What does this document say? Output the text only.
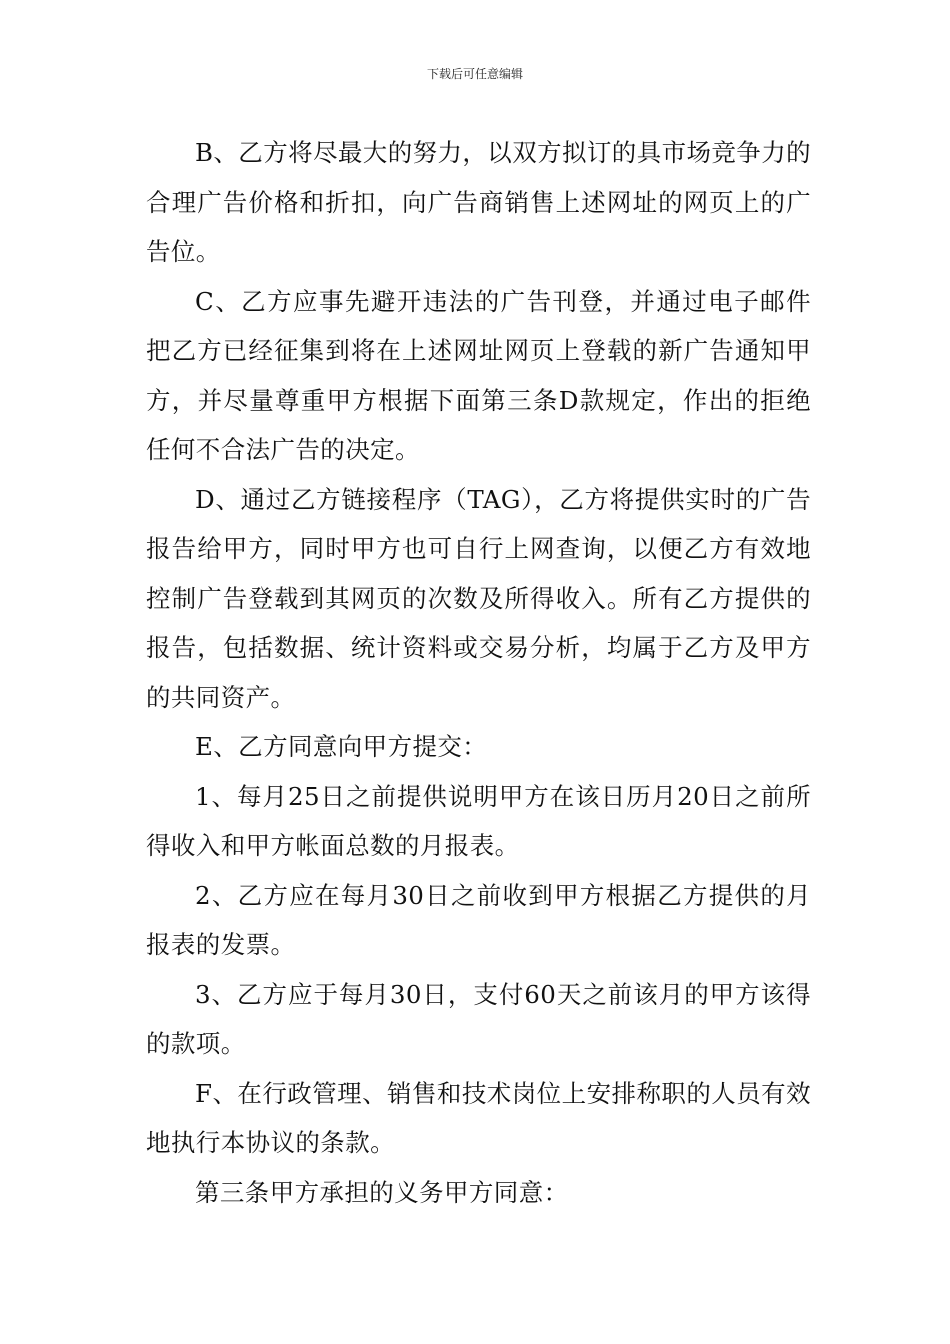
下载后可任意编辑

B、乙方将尽最大的努力，以双方拟订的具市场竞争力的合理广告价格和折扣，向广告商销售上述网址的网页上的广告位。

C、乙方应事先避开违法的广告刊登，并通过电子邮件把乙方已经征集到将在上述网址网页上登载的新广告通知甲方，并尽量尊重甲方根据下面第三条D款规定，作出的拒绝任何不合法广告的决定。

D、通过乙方链接程序（TAG），乙方将提供实时的广告报告给甲方，同时甲方也可自行上网查询，以便乙方有效地控制广告登载到其网页的次数及所得收入。所有乙方提供的报告，包括数据、统计资料或交易分析，均属于乙方及甲方的共同资产。

E、乙方同意向甲方提交：

1、每月25日之前提供说明甲方在该日历月20日之前所得收入和甲方帐面总数的月报表。

2、乙方应在每月30日之前收到甲方根据乙方提供的月报表的发票。

3、乙方应于每月30日，支付60天之前该月的甲方该得的款项。

F、在行政管理、销售和技术岗位上安排称职的人员有效地执行本协议的条款。

第三条甲方承担的义务甲方同意：
